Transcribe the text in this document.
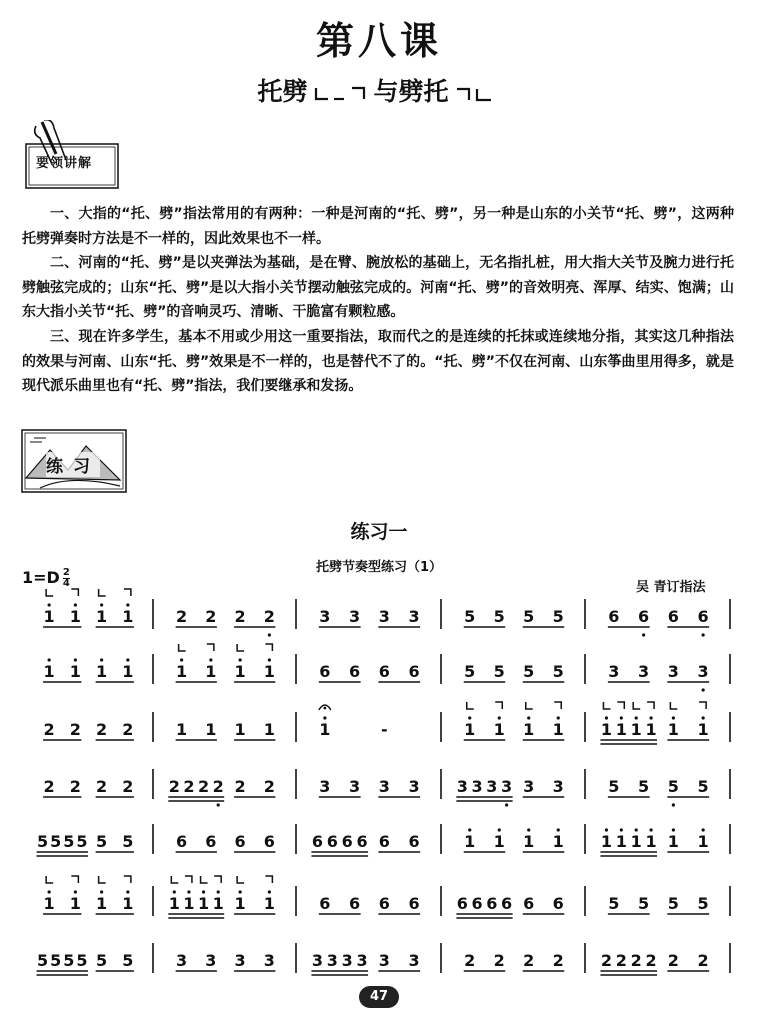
第八课
托劈	与劈托
要领讲解

一、大指的“托、劈”指法常用的有两种：一种是河南的“托、劈”，另一种是山东的小关节“托、劈”，这两种托劈弹奏时方法是不一样的，因此效果也不一样。

二、河南的“托、劈”是以夹弹法为基础，是在臂、腕放松的基础上，无名指扎桩，用大指大关节及腕力进行托劈触弦完成的；山东“托、劈”是以大指小关节摆动触弦完成的。河南“托、劈”的音效明亮、浑厚、结实、饱满；山东大指小关节“托、劈”的音响灵巧、清晰、干脆富有颗粒感。

三、现在许多学生，基本不用或少用这一重要指法，取而代之的是连续的托抹或连续地分指，其实这几种指法的效果与河南、山东“托、劈”效果是不一样的，也是替代不了的。“托、劈”不仅在河南、山东筝曲里用得多，就是现代派乐曲里也有“托、劈”指法，我们要继承和发扬。

练习
练习一
托劈节奏型练习（1）
$1=D \frac{2}{4}$	吴 青订指法
1 1 1 1	2 2 2 2	3 3 3 3	5 5 5 5	6 6 6 6
1 1 1 1	1 1 1 1	6 6 6 6	5 5 5 5	3 3 3 3
2 2 2 2	1 1 1 1	1	-	1 1 1 1 1 1 1 1 1 1
2 2 2 2 2 2 2 2 2 2	3 3 3 3 3 3 3 3 3 3	5 5 5 5
5 5 5 5 5 5	6 6 6 6 6 6 6 6 6 6	1 1 1 1 1 1 1 1 1 1
1 1 1 1 1 1 1 1 1 1	6 6 6 6 6 6 6 6 6 6	5 5 5 5
5 5 5 5 5 5	3 3 3 3 3 3 3 3 3 3	2 2 2 2 2 2 2 2 2 2
47
